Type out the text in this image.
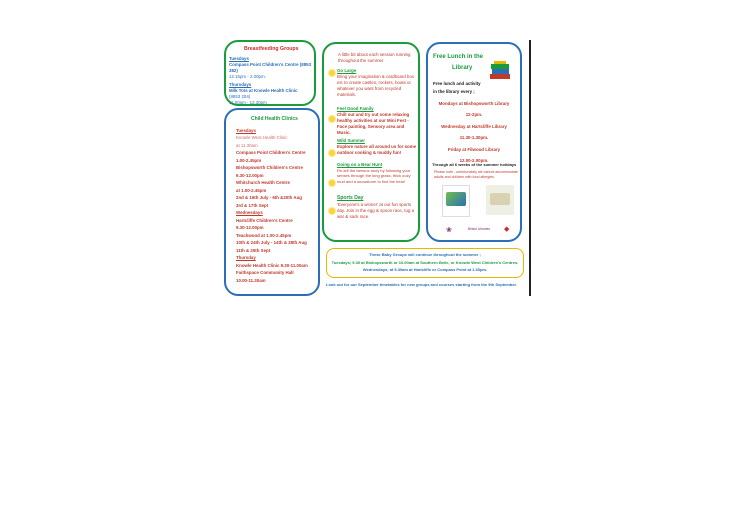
Breastfeeding Groups
Tuesdays
Compass Point Children's Centre (8853 382)
12.15pm - 2.00pm.
Thursdays
Milk Tots at Knowle Health Clinic
(8853 204)
11.00am - 12.30pm
Child Health Clinics
Tuesdays
Knowle West Health Clinic
at 11.30am
Compass Point Children's Centre
1.00-2.45pm
Bishopsworth Children's Centre
9.30-12.00pm
Whitchurch Health Centre
at 1.00-2.45pm
2nd & 16th July - 6th &20th Aug
3rd & 17th Sept
Wednesdays
Hartcliffe Children's Centre
9.30-12.00pm
Teachwood at 1.00-2.45pm
10th & 24th July - 14th & 28th Aug
11th & 25th Sept
Thursday
Knowle Health Clinic 9.30-11.00am
Faithspace Community Hall
10.00-11.30am
A little bit about each session running throughout the summer
Go Large
Bring your imagination & cardboard box etc to create castles, rockets, boats or whatever you want from recycled materials.
Feel Good Family
Chill out and try out some relaxing healthy activities at our Mini Fest - Face painting, Sensory area and Music.
Wild Summer
Explore nature all around us for some outdoor cooking & muddy fun!
Going on a Bear Hunt
Re-tell the famous story by following your senses through the long grass, thick oozy mud and a snowstorm to find the bear!
Sports Day
'Everyone's a winner' at our fun sports day. Join in the egg & spoon race, tug a war & sack race.
Free Lunch in the
Library
Free lunch and activity
in the library every ;
Mondays at Bishopsworth Library
12-2pm.
Wednesday at Hartcliffe Library
11.30-1.30pm.
Friday at Filwood Library
12.00-2.00pm.
Through all 6 weeks of the summer holidays
Please note - unfortunately we cannot accommodate adults and children with food allergies
❀	Bristol Libraries ◆
These Baby Groups will continue throughout the summer ;
Tuesdays; 9.30 at Bishopsworth or 10.00am at Southern Belle, or Knowle West Children's Centres.
Wednesdays; at 9.30am at Hartcliffe or Compass Point at 1.30pm.
Look out for our September timetables for new groups and courses starting from the 9th September.
